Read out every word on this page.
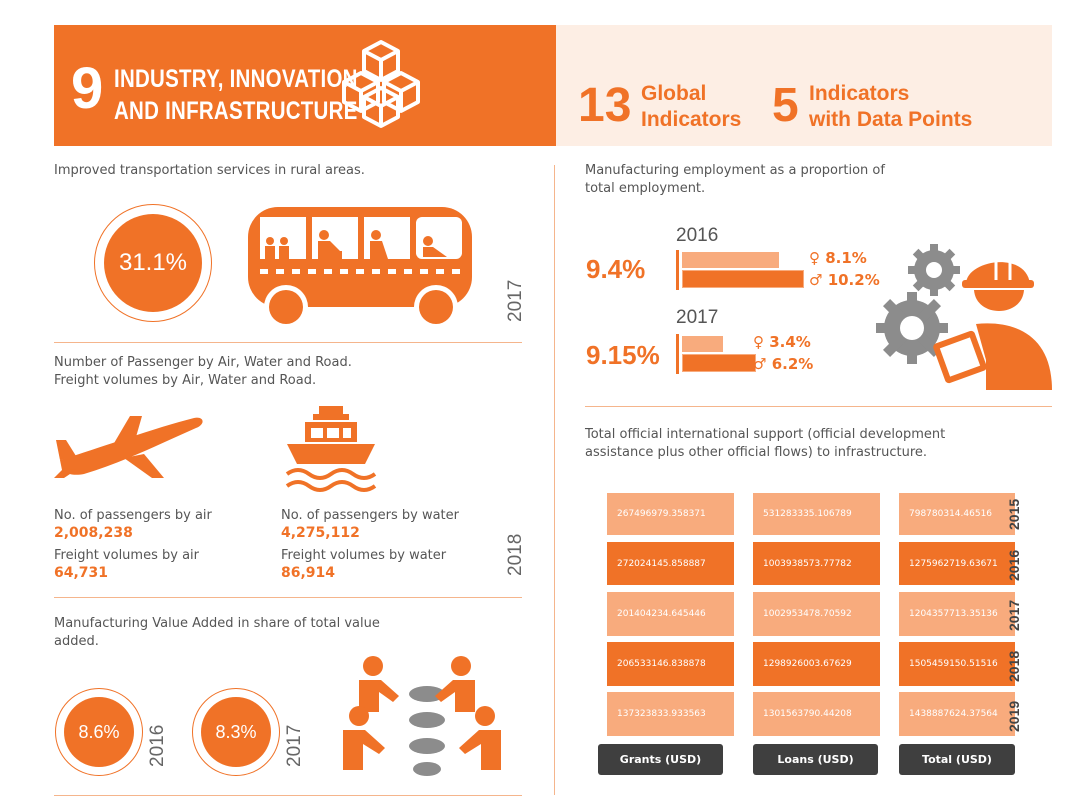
9 INDUSTRY, INNOVATION
AND INFRASTRUCTURE	13 Global
Indicators 5 Indicators
with Data Points
Improved transportation services in rural areas.
31.1%
2017
Number of Passenger by Air, Water and Road.
Freight volumes by Air, Water and Road.
No. of passengers by air
2,008,238
Freight volumes by air
64,731
No. of passengers by water
4,275,112
Freight volumes by water
86,914	2018
Manufacturing Value Added in share of total value
added.
8.6%	2016	8.3%	2017
Manufacturing employment as a proportion of
total employment.
2016
9.4%	♀ 8.1%
♂ 10.2%
2017
9.15%	♀ 3.4%
♂ 6.2%
Total official international support (official development
assistance plus other official flows) to infrastructure.
267496979.358371	531283335.106789	798780314.46516 2015
272024145.858887	1003938573.77782	1275962719.63671 2016
201404234.645446	1002953478.70592	1204357713.35136 2017
206533146.838878	1298926003.67629	1505459150.51516 2018
137323833.933563	1301563790.44208	1438887624.37564 2019
Grants (USD)	Loans (USD)	Total (USD)
